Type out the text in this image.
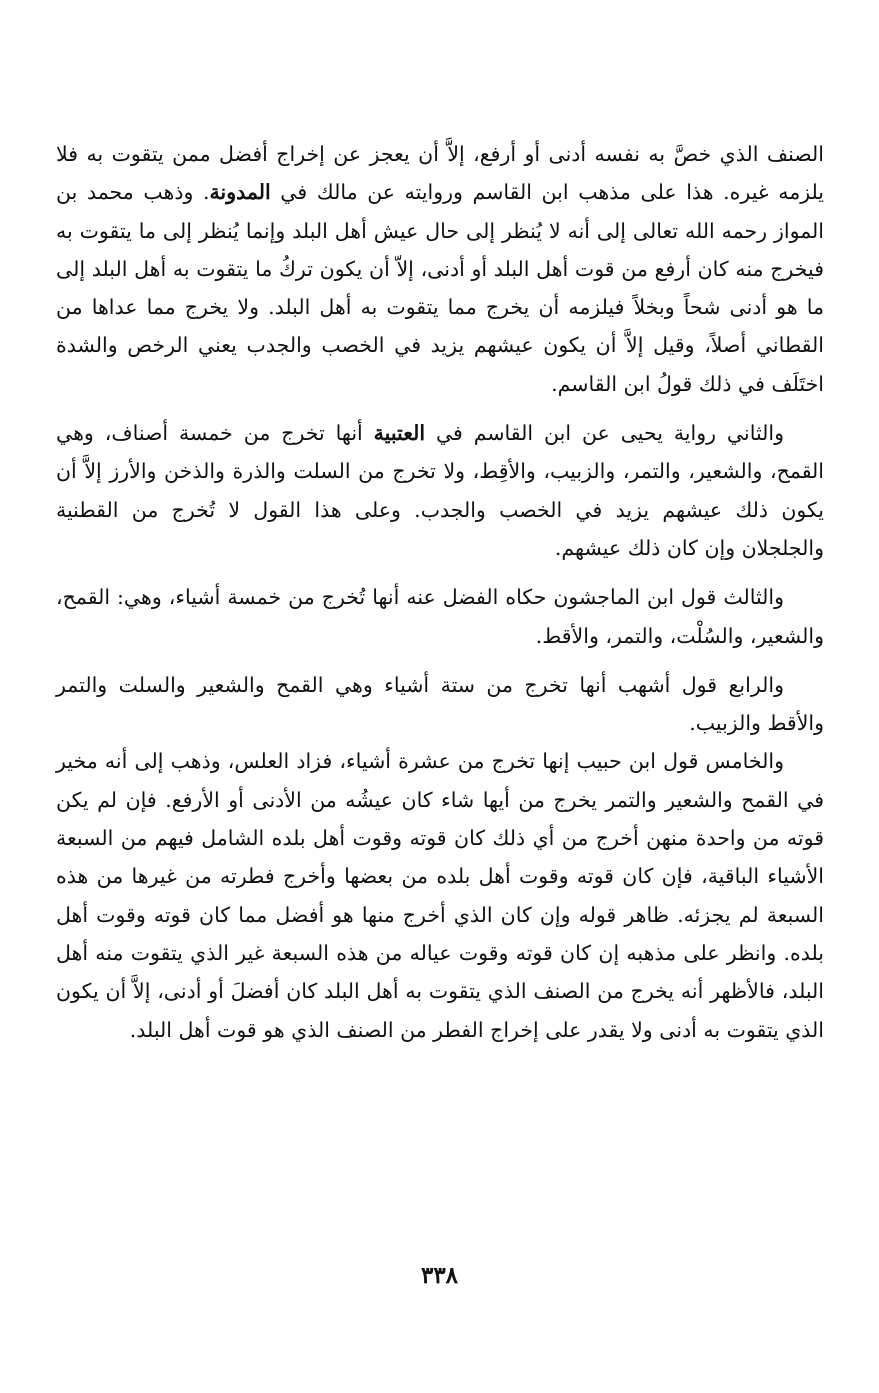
الصنف الذي خصَّ به نفسه أدنى أو أرفع، إلاَّ أن يعجز عن إخراج أفضل ممن يتقوت به فلا يلزمه غيره. هذا على مذهب ابن القاسم وروايته عن مالك في المدونة. وذهب محمد بن المواز رحمه الله تعالى إلى أنه لا يُنظر إلى حال عيش أهل البلد وإنما يُنظر إلى ما يتقوت به فيخرج منه كان أرفع من قوت أهل البلد أو أدنى، إلاّ أن يكون تركُ ما يتقوت به أهل البلد إلى ما هو أدنى شحاً وبخلاً فيلزمه أن يخرج مما يتقوت به أهل البلد. ولا يخرج مما عداها من القطاني أصلاً، وقيل إلاَّ أن يكون عيشهم يزيد في الخصب والجدب يعني الرخص والشدة اختَلَف في ذلك قولُ ابن القاسم.

والثاني رواية يحيى عن ابن القاسم في العتبية أنها تخرج من خمسة أصناف، وهي القمح، والشعير، والتمر، والزبيب، والأقِط، ولا تخرج من السلت والذرة والذخن والأرز إلاَّ أن يكون ذلك عيشهم يزيد في الخصب والجدب. وعلى هذا القول لا تُخرج من القطنية والجلجلان وإن كان ذلك عيشهم.

والثالث قول ابن الماجشون حكاه الفضل عنه أنها تُخرج من خمسة أشياء، وهي: القمح، والشعير، والسُلْت، والتمر، والأقط.

والرابع قول أشهب أنها تخرج من ستة أشياء وهي القمح والشعير والسلت والتمر والأقط والزبيب.

والخامس قول ابن حبيب إنها تخرج من عشرة أشياء، فزاد العلس، وذهب إلى أنه مخير في القمح والشعير والتمر يخرج من أيها شاء كان عيشُه من الأدنى أو الأرفع. فإن لم يكن قوته من واحدة منهن أخرج من أي ذلك كان قوته وقوت أهل بلده الشامل فيهم من السبعة الأشياء الباقية، فإن كان قوته وقوت أهل بلده من بعضها وأخرج فطرته من غيرها من هذه السبعة لم يجزئه. ظاهر قوله وإن كان الذي أخرج منها هو أفضل مما كان قوته وقوت أهل بلده. وانظر على مذهبه إن كان قوته وقوت عياله من هذه السبعة غير الذي يتقوت منه أهل البلد، فالأظهر أنه يخرج من الصنف الذي يتقوت به أهل البلد كان أفضلَ أو أدنى، إلاَّ أن يكون الذي يتقوت به أدنى ولا يقدر على إخراج الفطر من الصنف الذي هو قوت أهل البلد.

٣٣٨
